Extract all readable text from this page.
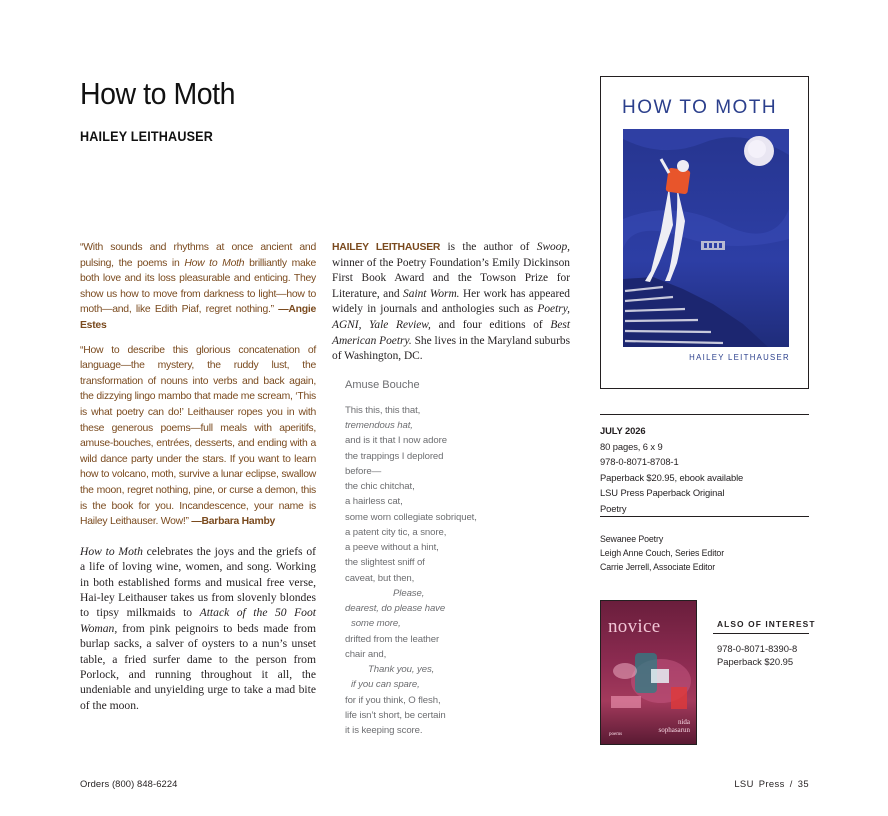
How to Moth
HAILEY LEITHAUSER

“With sounds and rhythms at once ancient and pulsing, the poems in How to Moth brilliantly make both love and its loss pleasurable and enticing. They show us how to move from darkness to light—how to moth—and, like Edith Piaf, regret nothing.” —Angie Estes

“How to describe this glorious concatenation of language—the mystery, the ruddy lust, the transformation of nouns into verbs and back again, the dizzying lingo mambo that made me scream, ‘This is what poetry can do!’ Leithauser ropes you in with these generous poems—full meals with aperitifs, amuse-bouches, entrées, desserts, and ending with a wild dance party under the stars. If you want to learn how to volcano, moth, survive a lunar eclipse, swallow the moon, regret nothing, pine, or curse a demon, this is the book for you. Incandescence, your name is Hailey Leithauser. Wow!” —Barbara Hamby

How to Moth celebrates the joys and the griefs of a life of loving wine, women, and song. Working in both established forms and musical free verse, Hai-ley Leithauser takes us from slovenly blondes to tipsy milkmaids to Attack of the 50 Foot Woman, from pink peignoirs to beds made from burlap sacks, a salver of oysters to a nun’s unset table, a fried surfer dame to the person from Porlock, and running throughout it all, the undeniable and unyielding urge to take a mad bite of the moon.

HAILEY LEITHAUSER is the author of Swoop, winner of the Poetry Foundation’s Emily Dickinson First Book Award and the Towson Prize for Literature, and Saint Worm. Her work has appeared widely in journals and anthologies such as Poetry, AGNI, Yale Review, and four editions of Best American Poetry. She lives in the Maryland suburbs of Washington, DC.

Amuse Bouche
This this, this that,
tremendous hat,
and is it that I now adore
the trappings I deplored
before—
the chic chitchat,
a hairless cat,
some worn collegiate sobriquet,
a patent city tic, a snore,
a peeve without a hint,
the slightest sniff of
caveat, but then,
Please,
dearest, do please have
some more,
drifted from the leather
chair and,
Thank you, yes,
if you can spare,
for if you think, O flesh,
life isn’t short, be certain
it is keeping score.
HOW TO MOTH
HAILEY LEITHAUSER
JULY 2026
80 pages, 6 x 9
978-0-8071-8708-1
Paperback $20.95, ebook available
LSU Press Paperback Original
Poetry
Sewanee Poetry
Leigh Anne Couch, Series Editor
Carrie Jerrell, Associate Editor
novice
poems
nida
sophasarun
ALSO OF INTEREST
978-0-8071-8390-8
Paperback $20.95
Orders (800) 848-6224	LSU Press / 35
